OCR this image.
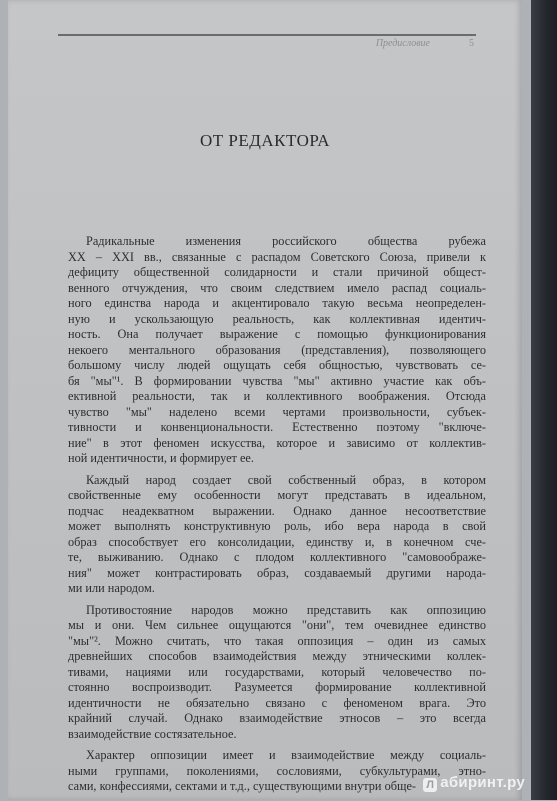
Предисловие	5
ОТ РЕДАКТОРА
Радикальные изменения российского общества рубежа
XX – XXI вв., связанные с распадом Советского Союза, привели к
дефициту общественной солидарности и стали причиной общест-
венного отчуждения, что своим следствием имело распад социаль-
ного единства народа и акцентировало такую весьма неопределен-
ную и ускользающую реальность, как коллективная идентич-
ность. Она получает выражение с помощью функционирования
некоего ментального образования (представления), позволяющего
большому числу людей ощущать себя общностью, чувствовать се-
бя "мы"¹. В формировании чувства "мы" активно участие как объ-
ективной реальности, так и коллективного воображения. Отсюда
чувство "мы" наделено всеми чертами произвольности, субъек-
тивности и конвенциональности. Естественно поэтому "включе-
ние" в этот феномен искусства, которое и зависимо от коллектив-
ной идентичности, и формирует ее.
Каждый народ создает свой собственный образ, в котором
свойственные ему особенности могут представать в идеальном,
подчас неадекватном выражении. Однако данное несоответствие
может выполнять конструктивную роль, ибо вера народа в свой
образ способствует его консолидации, единству и, в конечном сче-
те, выживанию. Однако с плодом коллективного "самовоображе-
ния" может контрастировать образ, создаваемый другими народа-
ми или народом.
Противостояние народов можно представить как оппозицию
мы и они. Чем сильнее ощущаются "они", тем очевиднее единство
"мы"². Можно считать, что такая оппозиция – один из самых
древнейших способов взаимодействия между этническими коллек-
тивами, нациями или государствами, который человечество по-
стоянно воспроизводит. Разумеется формирование коллективной
идентичности не обязательно связано с феноменом врага. Это
крайний случай. Однако взаимодействие этносов – это всегда
взаимодействие состязательное.
Характер оппозиции имеет и взаимодействие между социаль-
ными группами, поколениями, сословиями, субкультурами, этно-
сами, конфессиями, сектами и т.д., существующими внутри обще- Л абиринт.ру
